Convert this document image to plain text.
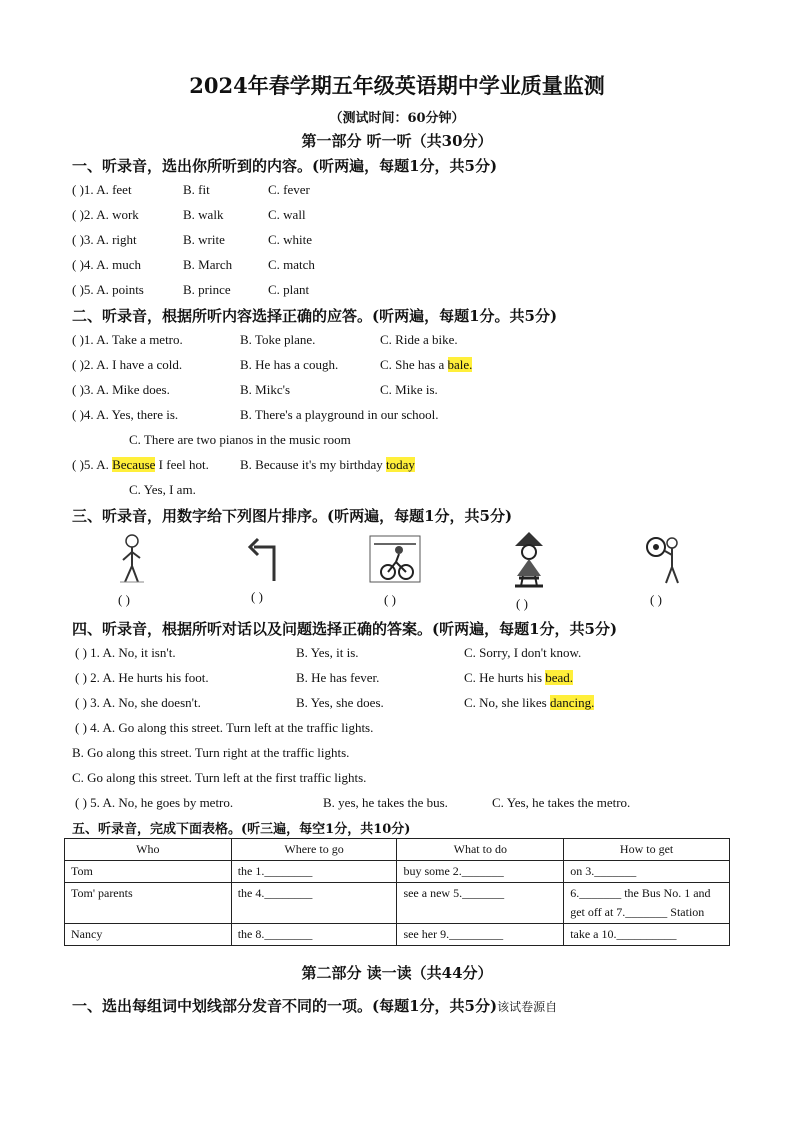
2024年春学期五年级英语期中学业质量监测
（测试时间：60分钟）
第一部分 听一听（共30分）
一、听录音，选出你所听到的内容。(听两遍，每题1分，共5分)
( )1. A. feet	B. fit	C. fever
( )2. A. work	B. walk	C. wall
( )3. A. right	B. write	C. white
( )4. A. much	B. March	C. match
( )5. A. points	B. prince	C. plant
二、听录音，根据所听内容选择正确的应答。(听两遍，每题1分。共5分)
( )1. A. Take a metro.	B. Toke plane.	C. Ride a bike.
( )2. A. I have a cold.	B. He has a cough.	C. She has a bale.
( )3. A. Mike does.	B. Mikc's	C. Mike is.
( )4. A. Yes, there is.	B. There's a playground in our school.
C. There are two pianos in the music room
( )5. A. Because I feel hot. B. Because it's my birthday today
C. Yes, I am.
三、听录音，用数字给下列图片排序。(听两遍，每题1分，共5分)
( )	( )	( )	( )	( )
四、听录音，根据所听对话以及问题选择正确的答案。(听两遍，每题1分，共5分)
( ) 1. A. No, it isn't.	B. Yes, it is.	C. Sorry, I don't know.
( ) 2. A. He hurts his foot.	B. He has fever.	C. He hurts his bead.
( ) 3. A. No, she doesn't.	B. Yes, she does.	C. No, she likes dancing.
( ) 4. A. Go along this street. Turn left at the traffic lights.
B. Go along this street. Turn right at the traffic lights.
C. Go along this street. Turn left at the first traffic lights.
( ) 5. A. No, he goes by metro.	B. yes, he takes the bus.	C. Yes, he takes the metro.
五、听录音，完成下面表格。(听三遍，每空1分，共10分)
Who	Where to go	What to do	How to get
Tom	the 1.________	buy some 2._______	on 3._______
Tom' parents	the 4.________	see a new 5._______	6._______ the Bus No. 1 and get off at 7._______ Station
Nancy	the 8.________	see her 9._________	take a 10.__________
第二部分 读一读（共44分）
一、选出每组词中划线部分发音不同的一项。(每题1分，共5分)该试卷源自
